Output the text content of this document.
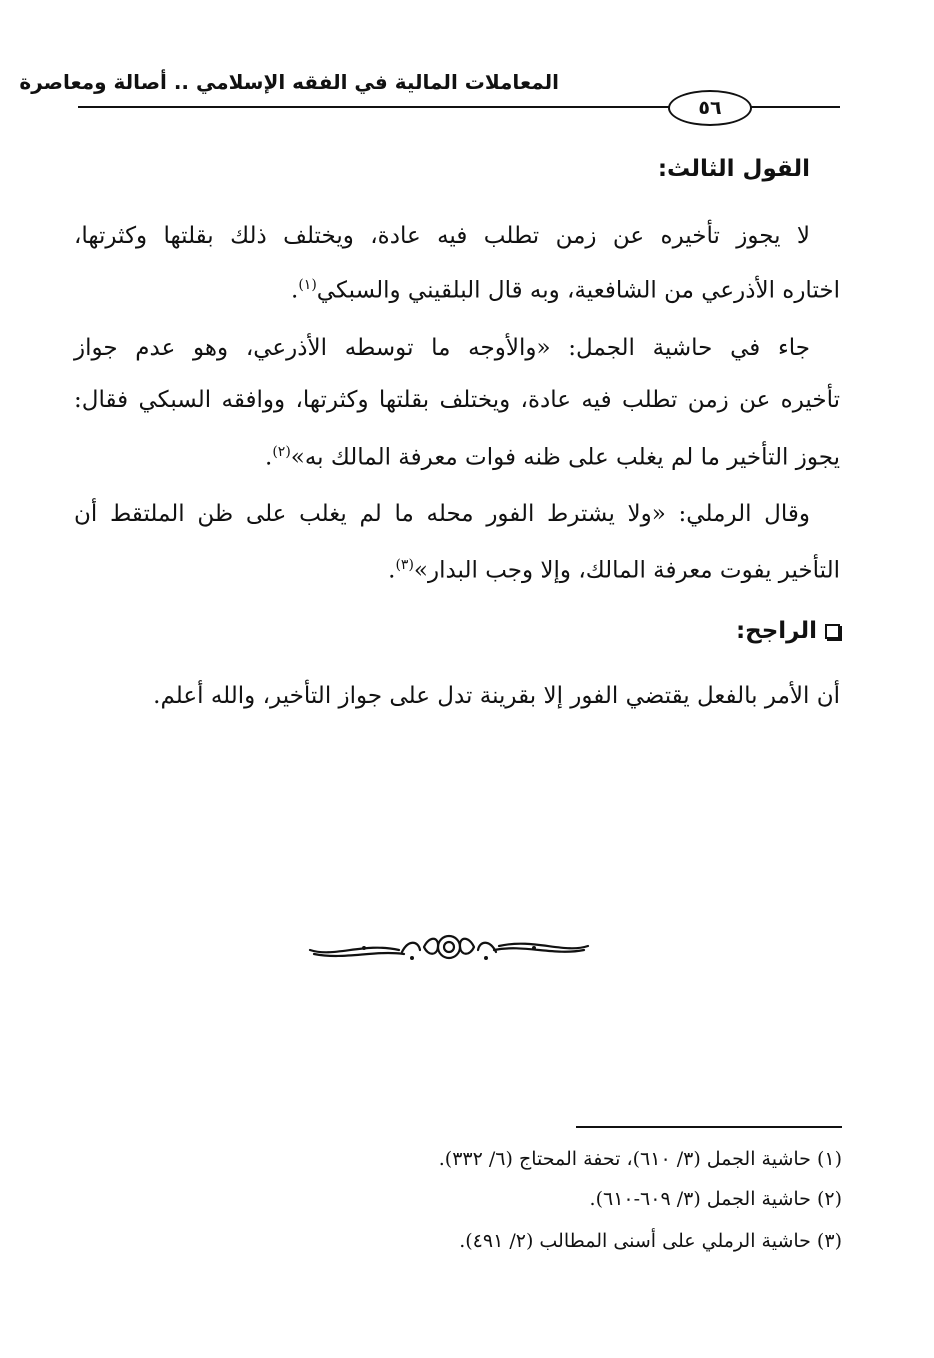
المعاملات المالية في الفقه الإسلامي .. أصالة ومعاصرة
٥٦
القول الثالث:
لا يجوز تأخيره عن زمن تطلب فيه عادة، ويختلف ذلك بقلتها وكثرتها،
اختاره الأذرعي من الشافعية، وبه قال البلقيني والسبكي$^{(١)}$.
جاء في حاشية الجمل: «والأوجه ما توسطه الأذرعي، وهو عدم جواز
تأخيره عن زمن تطلب فيه عادة، ويختلف بقلتها وكثرتها، ووافقه السبكي فقال:
يجوز التأخير ما لم يغلب على ظنه فوات معرفة المالك به»$^{(٢)}$.
وقال الرملي: «ولا يشترط الفور محله ما لم يغلب على ظن الملتقط أن
التأخير يفوت معرفة المالك، وإلا وجب البدار»$^{(٣)}$.
الراجح:
أن الأمر بالفعل يقتضي الفور إلا بقرينة تدل على جواز التأخير، والله أعلم.
(١) حاشية الجمل (٣/ ٦١٠)، تحفة المحتاج (٦/ ٣٣٢).
(٢) حاشية الجمل (٣/ ٦٠٩-٦١٠).
(٣) حاشية الرملي على أسنى المطالب (٢/ ٤٩١).
